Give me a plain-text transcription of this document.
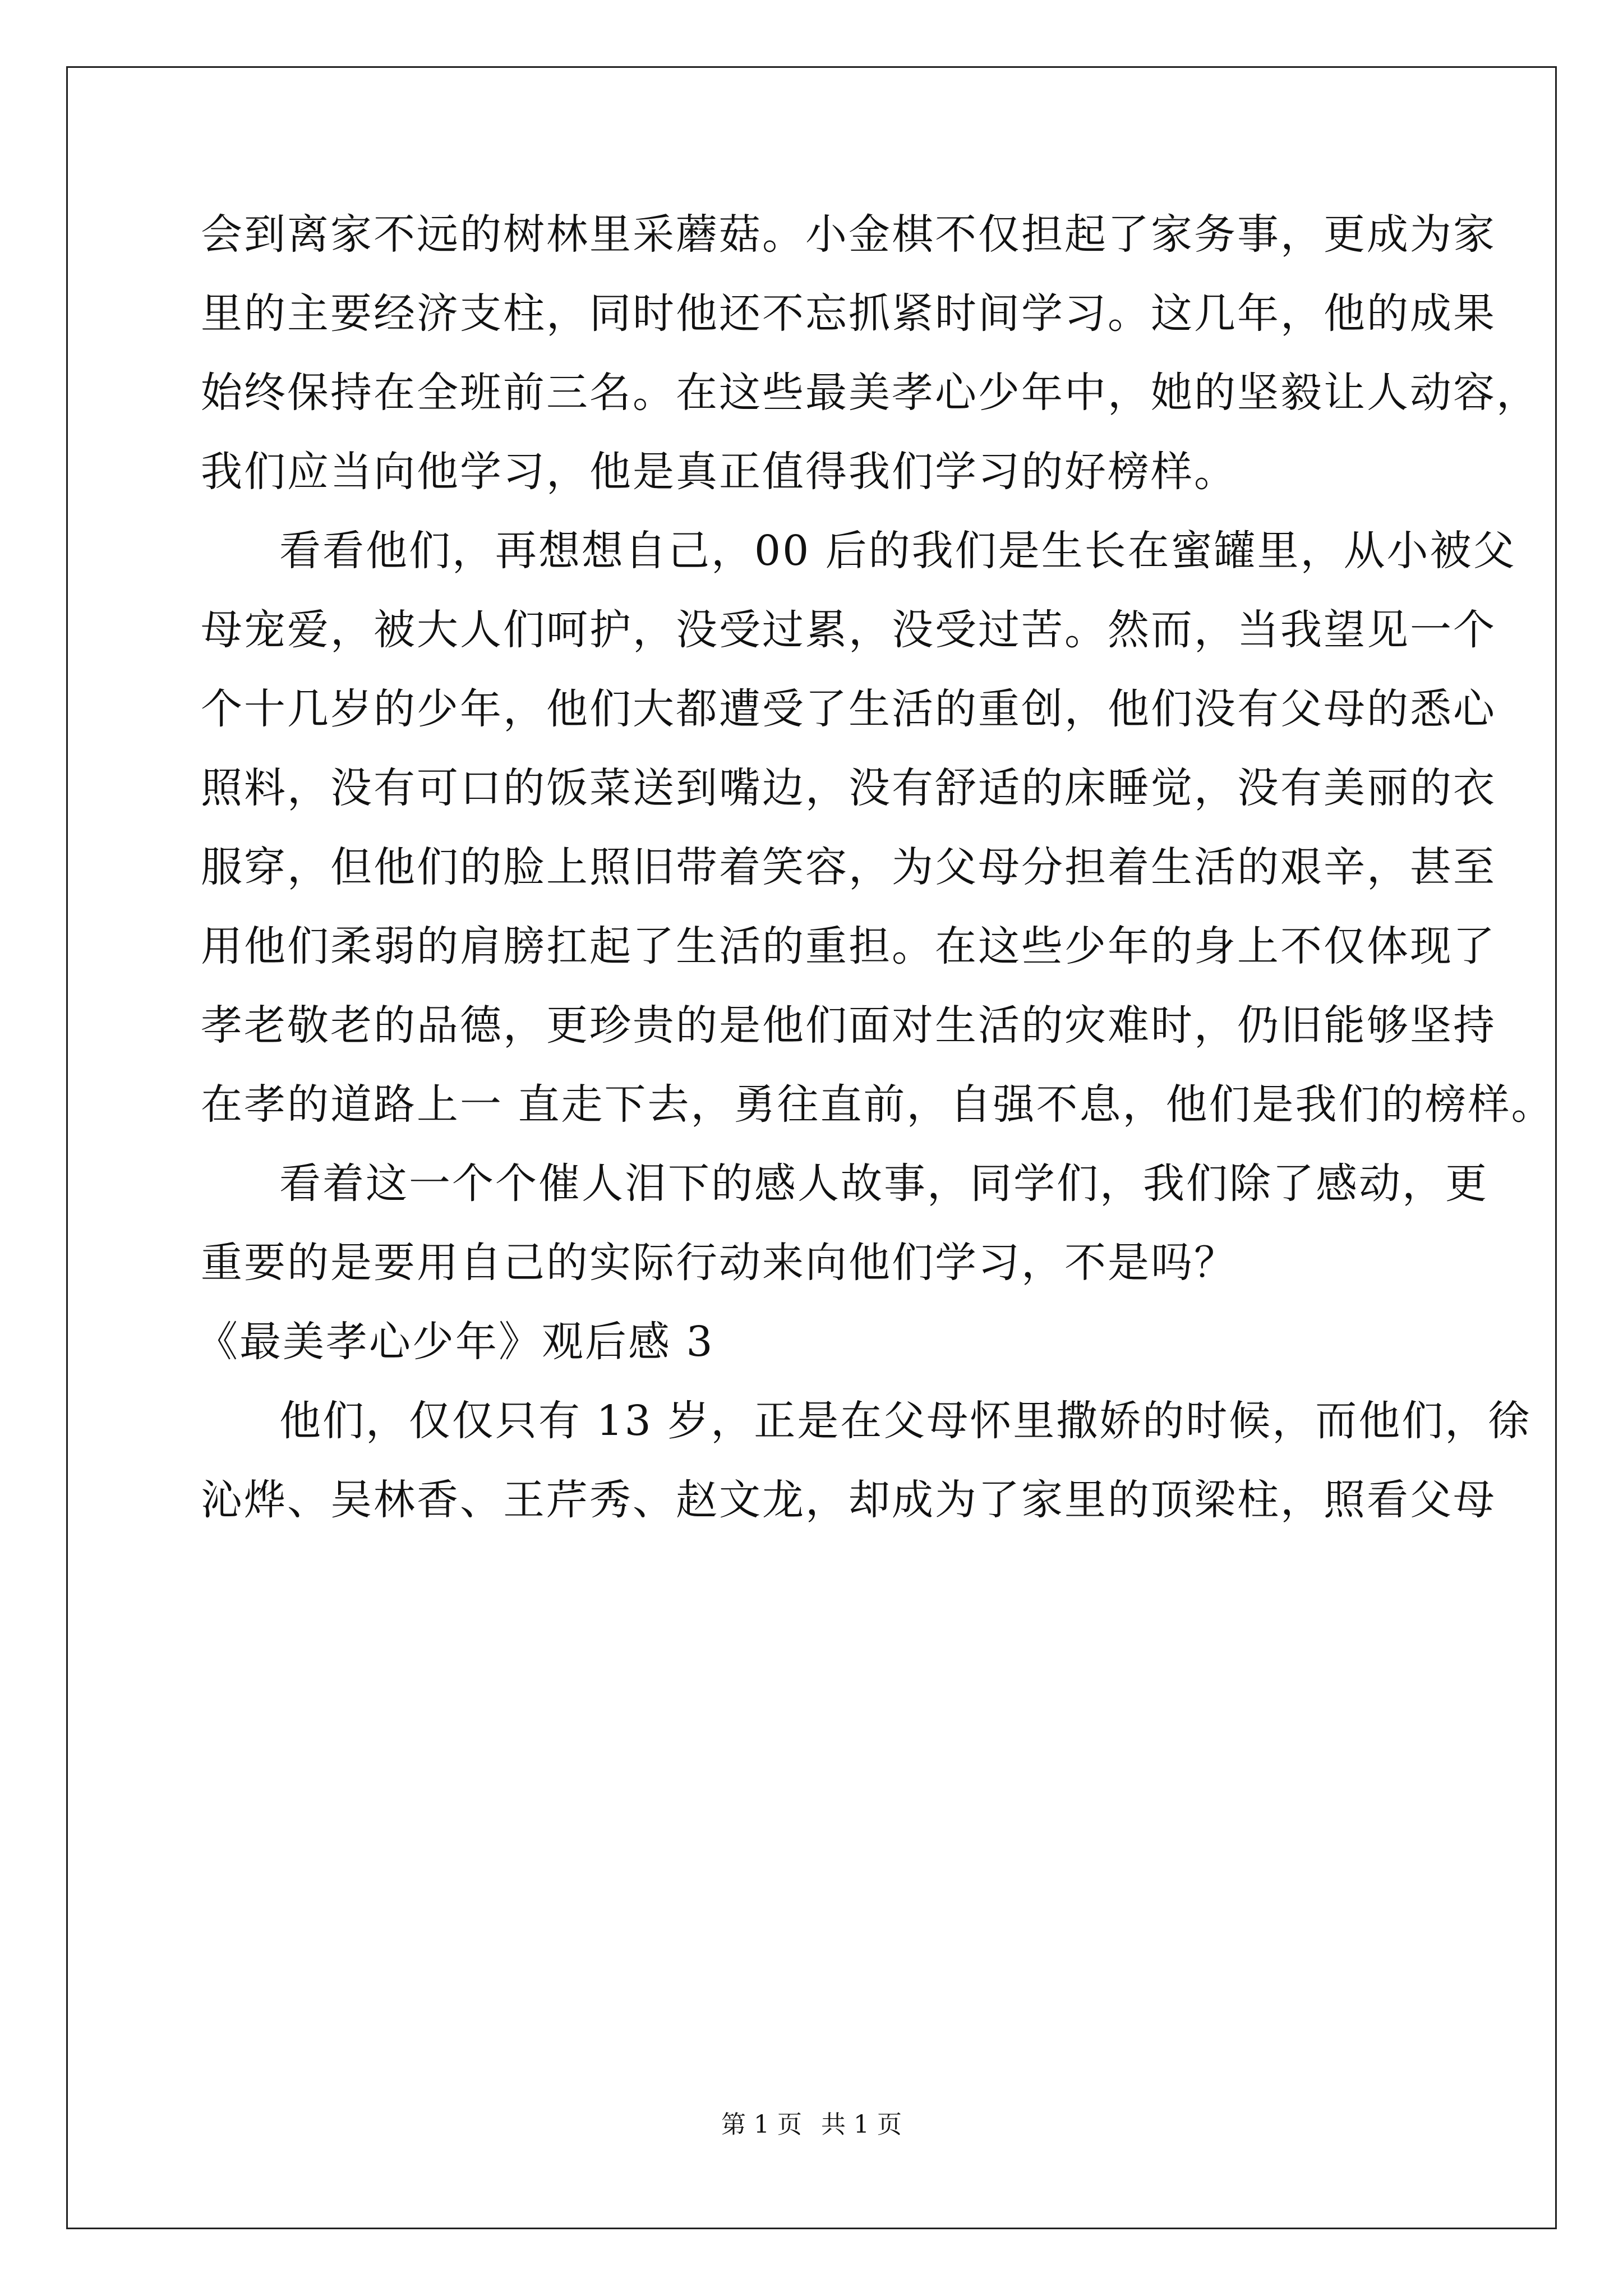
会到离家不远的树林里采蘑菇。小金棋不仅担起了家务事，更成为家
里的主要经济支柱，同时他还不忘抓紧时间学习。这几年，他的成果
始终保持在全班前三名。在这些最美孝心少年中，她的坚毅让人动容，
我们应当向他学习，他是真正值得我们学习的好榜样。
看看他们，再想想自己，00 后的我们是生长在蜜罐里，从小被父
母宠爱，被大人们呵护，没受过累，没受过苦。然而，当我望见一个
个十几岁的少年，他们大都遭受了生活的重创，他们没有父母的悉心
照料，没有可口的饭菜送到嘴边，没有舒适的床睡觉，没有美丽的衣
服穿，但他们的脸上照旧带着笑容，为父母分担着生活的艰辛，甚至
用他们柔弱的肩膀扛起了生活的重担。在这些少年的身上不仅体现了
孝老敬老的品德，更珍贵的是他们面对生活的灾难时，仍旧能够坚持
在孝的道路上一 直走下去，勇往直前，自强不息，他们是我们的榜样。
看着这一个个催人泪下的感人故事，同学们，我们除了感动，更
重要的是要用自己的实际行动来向他们学习，不是吗？
《最美孝心少年》观后感 3
他们，仅仅只有 13 岁，正是在父母怀里撒娇的时候，而他们，徐
沁烨、吴林香、王芹秀、赵文龙，却成为了家里的顶梁柱，照看父母
第 1 页 共 1 页
